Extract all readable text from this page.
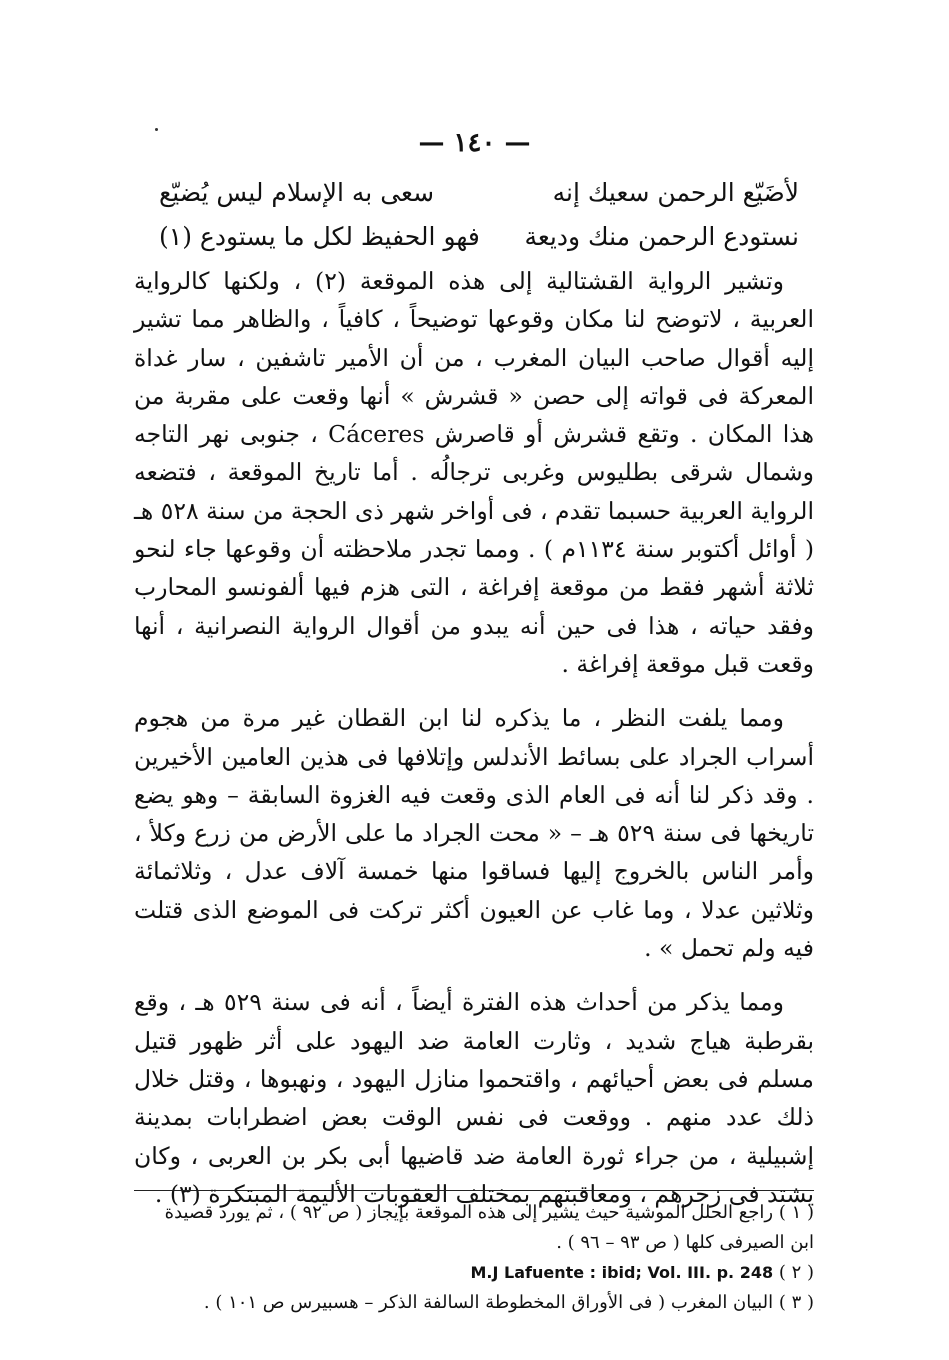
— ١٤٠ —
لأضَيّع الرحمن سعيك إنه
سعى به الإسلام ليس يُضيّع
نستودع الرحمن منك وديعة
فهو الحفيظ لكل ما يستودع (١)

وتشير الرواية القشتالية إلى هذه الموقعة (٢) ، ولكنها كالرواية العربية ، لاتوضح لنا مكان وقوعها توضيحاً ، كافياً ، والظاهر مما تشير إليه أقوال صاحب البيان المغرب ، من أن الأمير تاشفين ، سار غداة المعركة فى قواته إلى حصن « قشرش » أنها وقعت على مقربة من هذا المكان . وتقع قشرش أو قاصرش Cáceres ، جنوبى نهر التاجه وشمال شرقى بطليوس وغربى ترجالُه . أما تاريخ الموقعة ، فتضعه الرواية العربية حسبما تقدم ، فى أواخر شهر ذى الحجة من سنة ٥٢٨ هـ ( أوائل أكتوبر سنة ١١٣٤م ) . ومما تجدر ملاحظته أن وقوعها جاء لنحو ثلاثة أشهر فقط من موقعة إفراغة ، التى هزم فيها ألفونسو المحارب وفقد حياته ، هذا فى حين أنه يبدو من أقوال الرواية النصرانية ، أنها وقعت قبل موقعة إفراغة .

ومما يلفت النظر ، ما يذكره لنا ابن القطان غير مرة من هجوم أسراب الجراد على بسائط الأندلس وإتلافها فى هذين العامين الأخيرين . وقد ذكر لنا أنه فى العام الذى وقعت فيه الغزوة السابقة – وهو يضع تاريخها فى سنة ٥٢٩ هـ – « محت الجراد ما على الأرض من زرع وكلأ ، وأمر الناس بالخروج إليها فساقوا منها خمسة آلاف عدل ، وثلاثمائة وثلاثين عدلا ، وما غاب عن العيون أكثر تركت فى الموضع الذى قتلت فيه ولم تحمل » .

ومما يذكر من أحداث هذه الفترة أيضاً ، أنه فى سنة ٥٢٩ هـ ، وقع بقرطبة هياج شديد ، وثارت العامة ضد اليهود على أثر ظهور قتيل مسلم فى بعض أحيائهم ، واقتحموا منازل اليهود ، ونهبوها ، وقتل خلال ذلك عدد منهم . ووقعت فى نفس الوقت بعض اضطرابات بمدينة إشبيلية ، من جراء ثورة العامة ضد قاضيها أبى بكر بن العربى ، وكان يشتد فى زجرهم ، ومعاقبتهم بمختلف العقوبات الأليمة المبتكرة (٣) .

( ١ ) راجع الحلل الموشية حيث يشير إلى هذه الموقعة بإيجاز ( ص ٩٢ ) ، ثم يورد قصيدة
ابن الصيرفى كلها ( ص ٩٣ – ٩٦ ) .
( ٢ ) M.J Lafuente : ibid; Vol. III. p. 248
( ٣ ) البيان المغرب ( فى الأوراق المخطوطة السالفة الذكر – هسبيرس ص ١٠١ ) .
